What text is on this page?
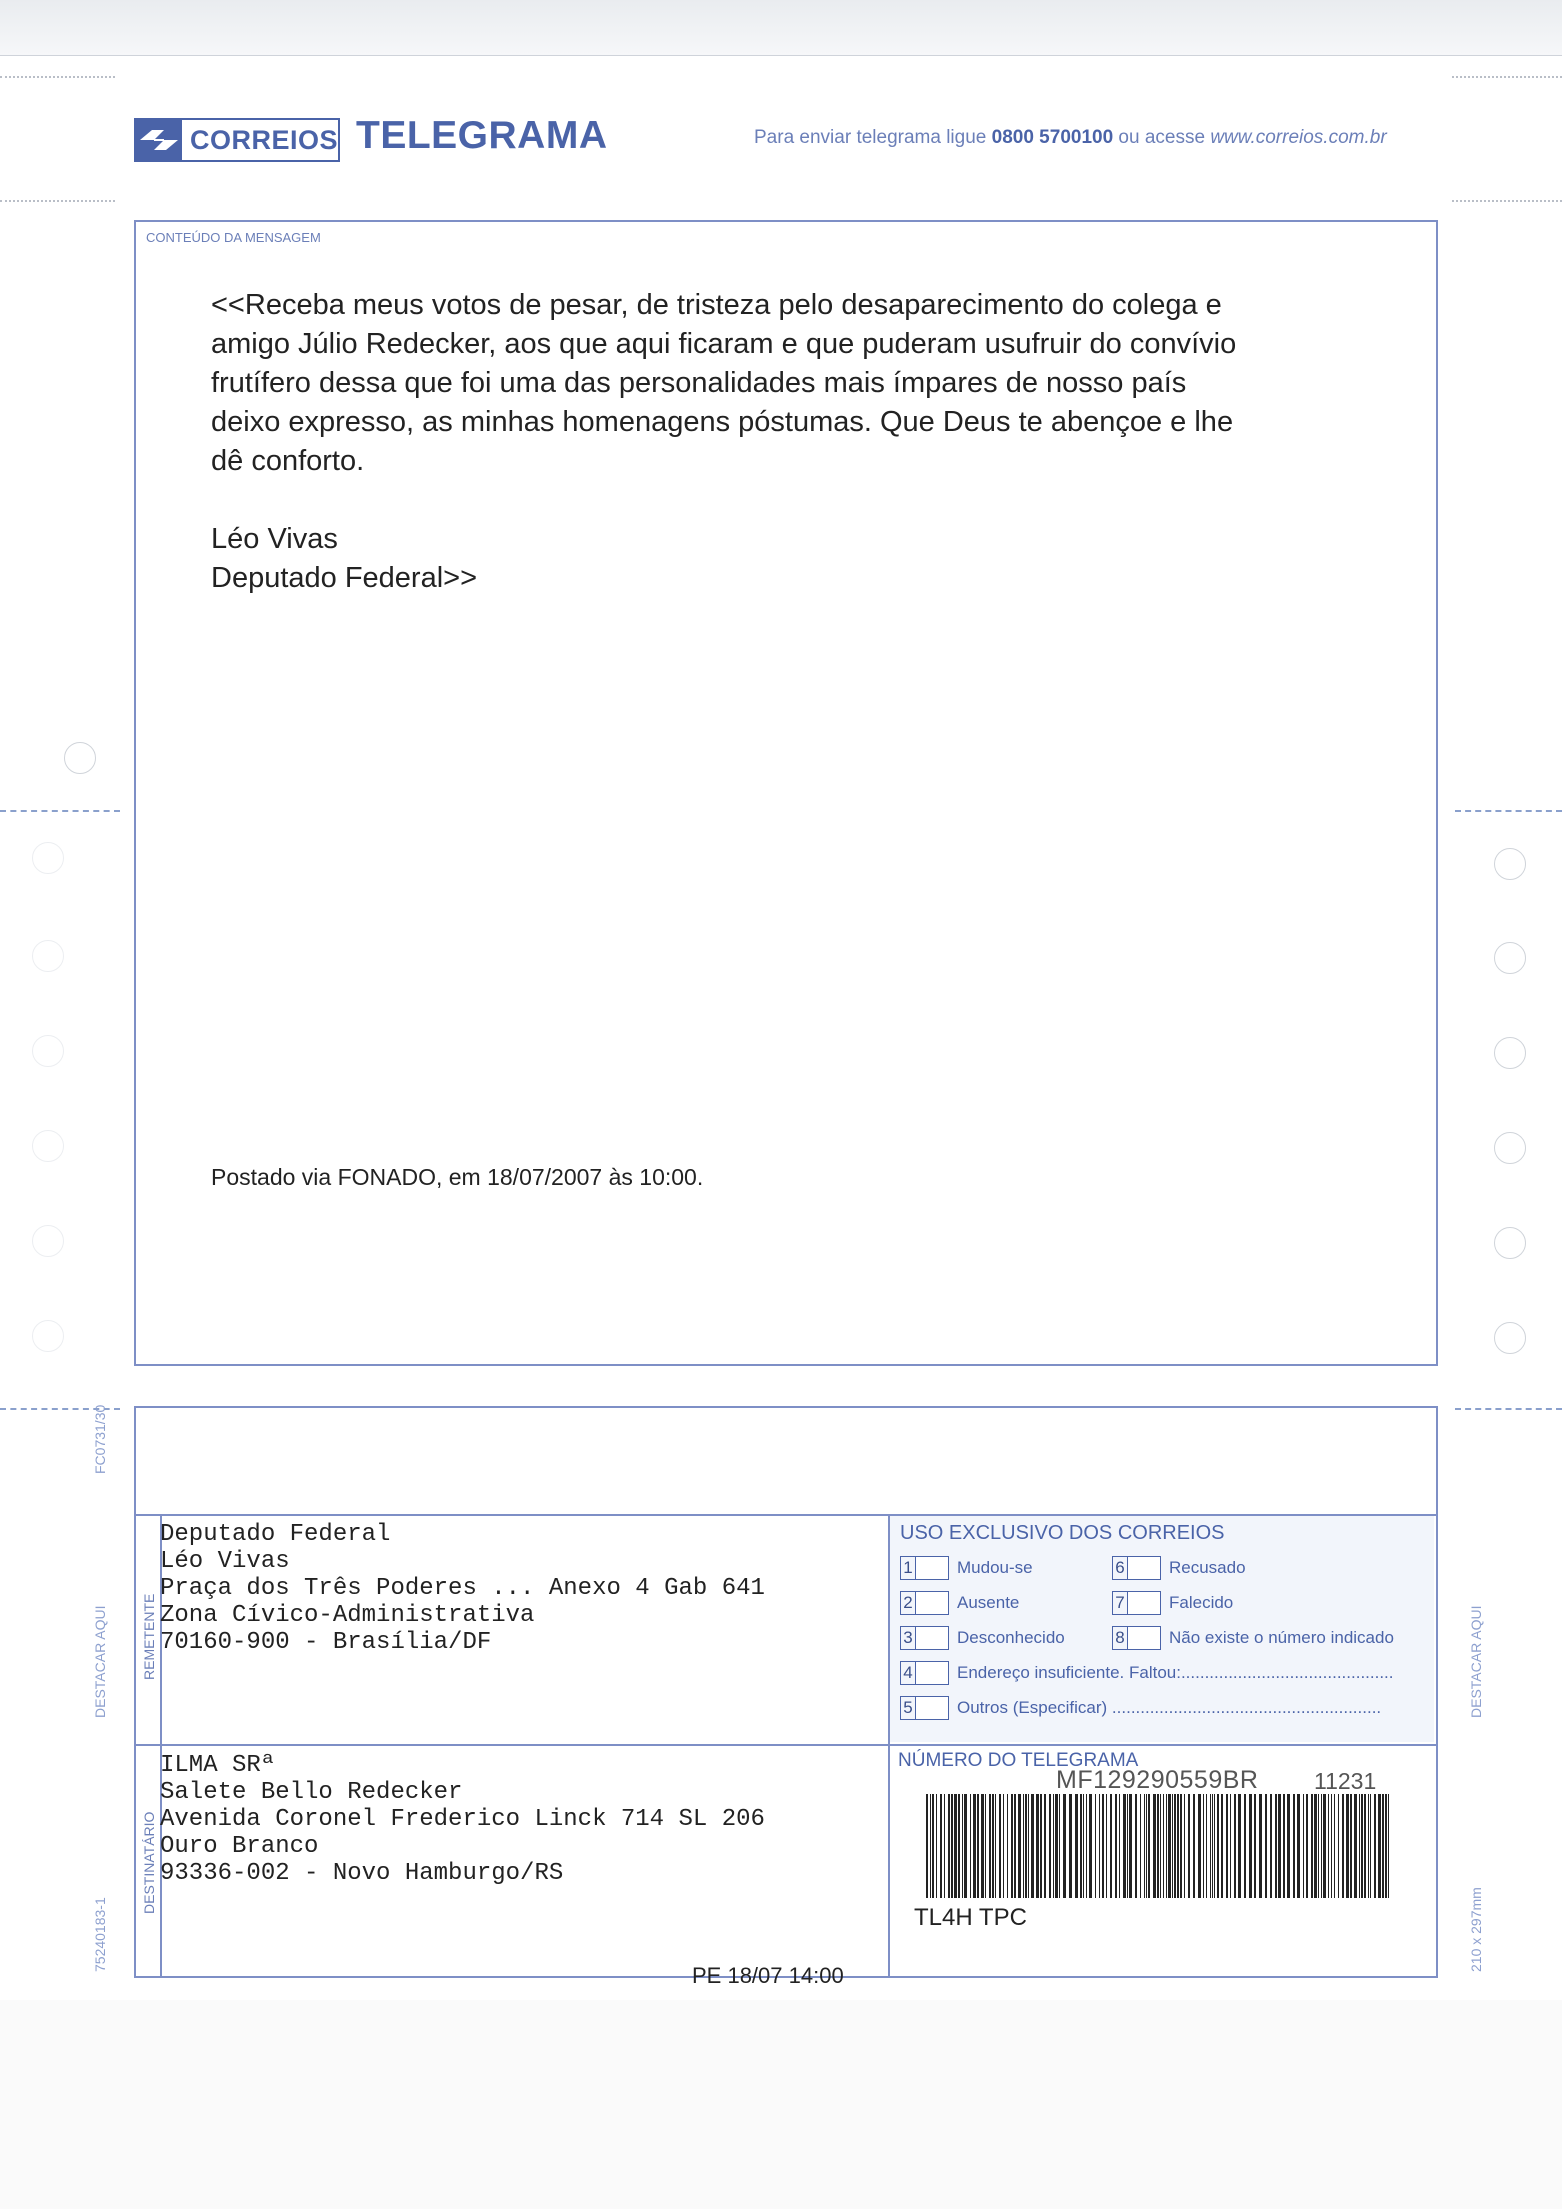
CORREIOS TELEGRAMA	Para enviar telegrama ligue 0800 5700100 ou acesse www.correios.com.br
CONTEÚDO DA MENSAGEM

<<Receba meus votos de pesar, de tristeza pelo desaparecimento do colega e

amigo Júlio Redecker, aos que aqui ficaram e que puderam usufruir do convívio

frutífero dessa que foi uma das personalidades mais ímpares de nosso país

deixo expresso, as minhas homenagens póstumas. Que Deus te abençoe e lhe

dê conforto.

Léo Vivas

Deputado Federal>>

Postado via FONADO, em 18/07/2007 às 10:00.
FC0731/30
DESTACAR AQUI
75240183-1
DESTACAR AQUI
210 x 297mm
REMETENTE
Deputado Federal
Léo Vivas
Praça dos Três Poderes ... Anexo 4 Gab 641
Zona Cívico-Administrativa
70160-900 - Brasília/DF
DESTINATÁRIO
ILMA SRª
Salete Bello Redecker
Avenida Coronel Frederico Linck 714 SL 206
Ouro Branco
93336-002 - Novo Hamburgo/RS
USO EXCLUSIVO DOS CORREIOS
1	Mudou-se
2	Ausente
3	Desconhecido
4	Endereço insuficiente. Faltou:.............................................
5	Outros (Especificar) .........................................................
6	Recusado
7	Falecido
8	Não existe o número indicado
NÚMERO DO TELEGRAMA
MF129290559BR 11231
TL4H TPC
PE 18/07 14:00
